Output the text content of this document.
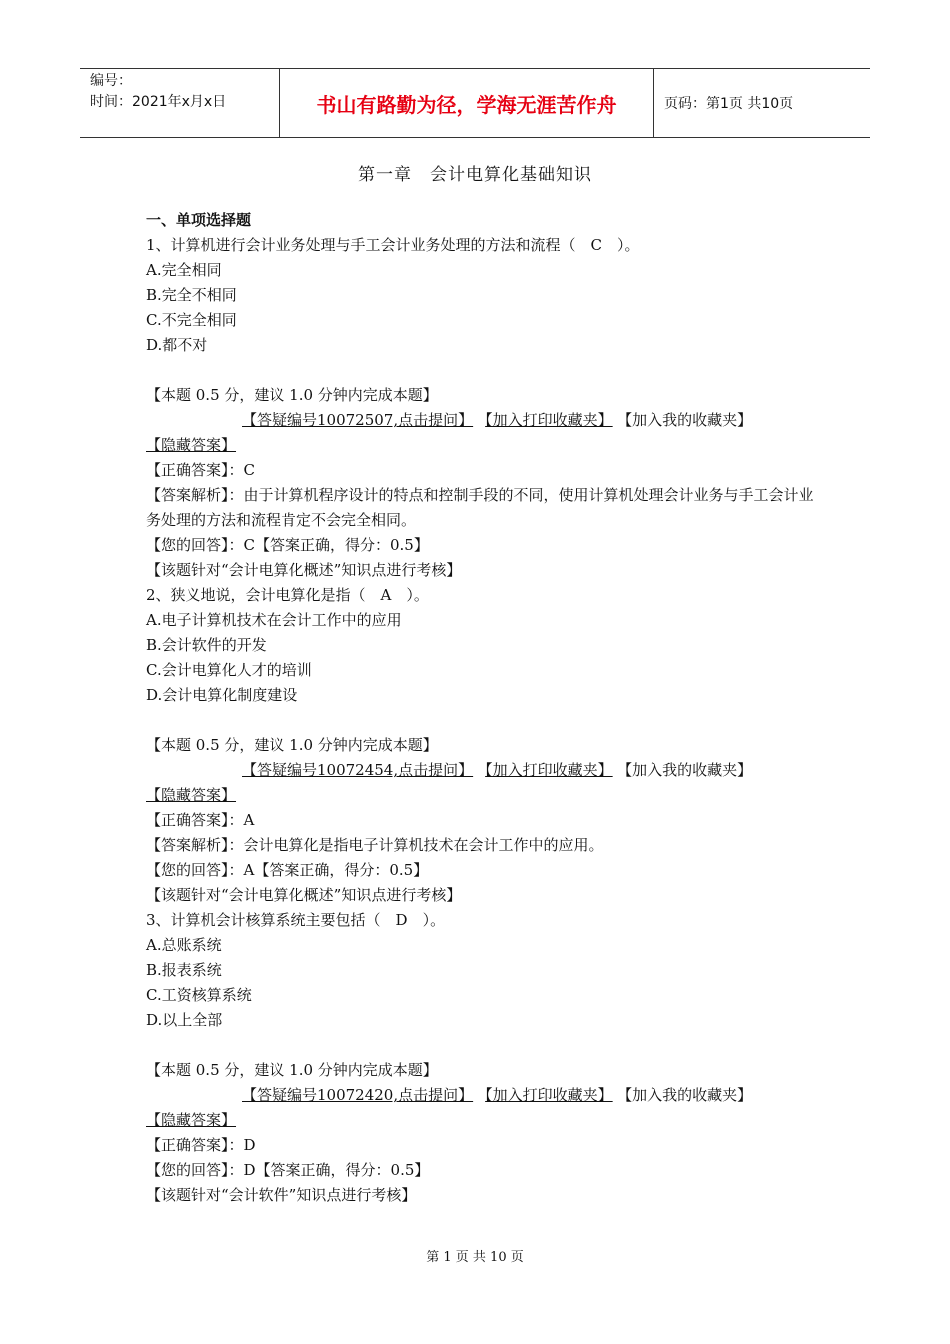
编号：
时间：2021年x月x日	书山有路勤为径，学海无涯苦作舟	页码：第1页 共10页
第一章　会计电算化基础知识
一、单项选择题
1、计算机进行会计业务处理与手工会计业务处理的方法和流程（　C　）。
A.完全相同
B.完全不相同
C.不完全相同
D.都不对
【本题 0.5 分，建议 1.0 分钟内完成本题】
【答疑编号10072507,点击提问】 【加入打印收藏夹】 【加入我的收藏夹】
【隐藏答案】
【正确答案】：C
【答案解析】：由于计算机程序设计的特点和控制手段的不同，使用计算机处理会计业务与手工会计业务处理的方法和流程肯定不会完全相同。
【您的回答】：C【答案正确，得分：0.5】
【该题针对“会计电算化概述”知识点进行考核】
2、狭义地说，会计电算化是指（　A　）。
A.电子计算机技术在会计工作中的应用
B.会计软件的开发
C.会计电算化人才的培训
D.会计电算化制度建设
【本题 0.5 分，建议 1.0 分钟内完成本题】
【答疑编号10072454,点击提问】 【加入打印收藏夹】 【加入我的收藏夹】
【隐藏答案】
【正确答案】：A
【答案解析】：会计电算化是指电子计算机技术在会计工作中的应用。
【您的回答】：A【答案正确，得分：0.5】
【该题针对“会计电算化概述”知识点进行考核】
3、计算机会计核算系统主要包括（　D　）。
A.总账系统
B.报表系统
C.工资核算系统
D.以上全部
【本题 0.5 分，建议 1.0 分钟内完成本题】
【答疑编号10072420,点击提问】 【加入打印收藏夹】 【加入我的收藏夹】
【隐藏答案】
【正确答案】：D
【您的回答】：D【答案正确，得分：0.5】
【该题针对“会计软件”知识点进行考核】
第 1 页 共 10 页
